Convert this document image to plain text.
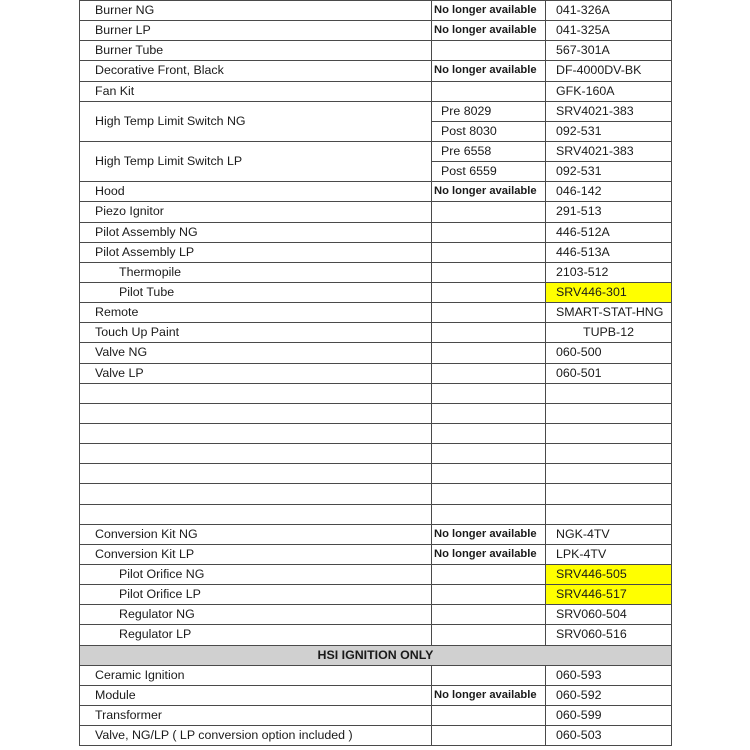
Burner NG	No longer available	041-326A
Burner LP	No longer available	041-325A
Burner Tube		567-301A
Decorative Front, Black	No longer available	DF-4000DV-BK
Fan Kit		GFK-160A
High Temp Limit Switch NG	Pre 8029	SRV4021-383
	Post 8030	092-531
High Temp Limit Switch LP	Pre 6558	SRV4021-383
	Post 6559	092-531
Hood	No longer available	046-142
Piezo Ignitor		291-513
Pilot Assembly NG		446-512A
Pilot Assembly LP		446-513A
Thermopile		2103-512
Pilot Tube		SRV446-301
Remote		SMART-STAT-HNG
Touch Up Paint		TUPB-12
Valve NG		060-500
Valve LP		060-501

Conversion Kit NG	No longer available	NGK-4TV
Conversion Kit LP	No longer available	LPK-4TV
Pilot Orifice NG		SRV446-505
Pilot Orifice LP		SRV446-517
Regulator NG		SRV060-504
Regulator LP		SRV060-516
HSI IGNITION ONLY		
Ceramic Ignition		060-593
Module	No longer available	060-592
Transformer		060-599
Valve, NG/LP ( LP conversion option included )		060-503
